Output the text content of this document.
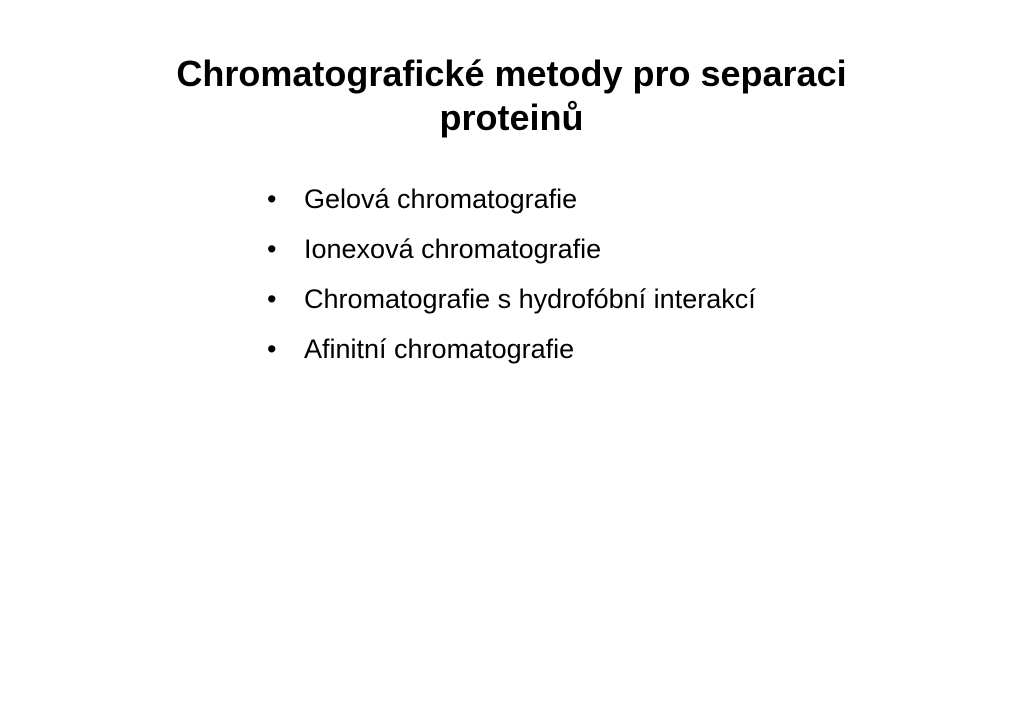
Chromatografické metody pro separaci
proteinů
•	Gelová chromatografie
•	Ionexová chromatografie
•	Chromatografie s hydrofóbní interakcí
•	Afinitní chromatografie
